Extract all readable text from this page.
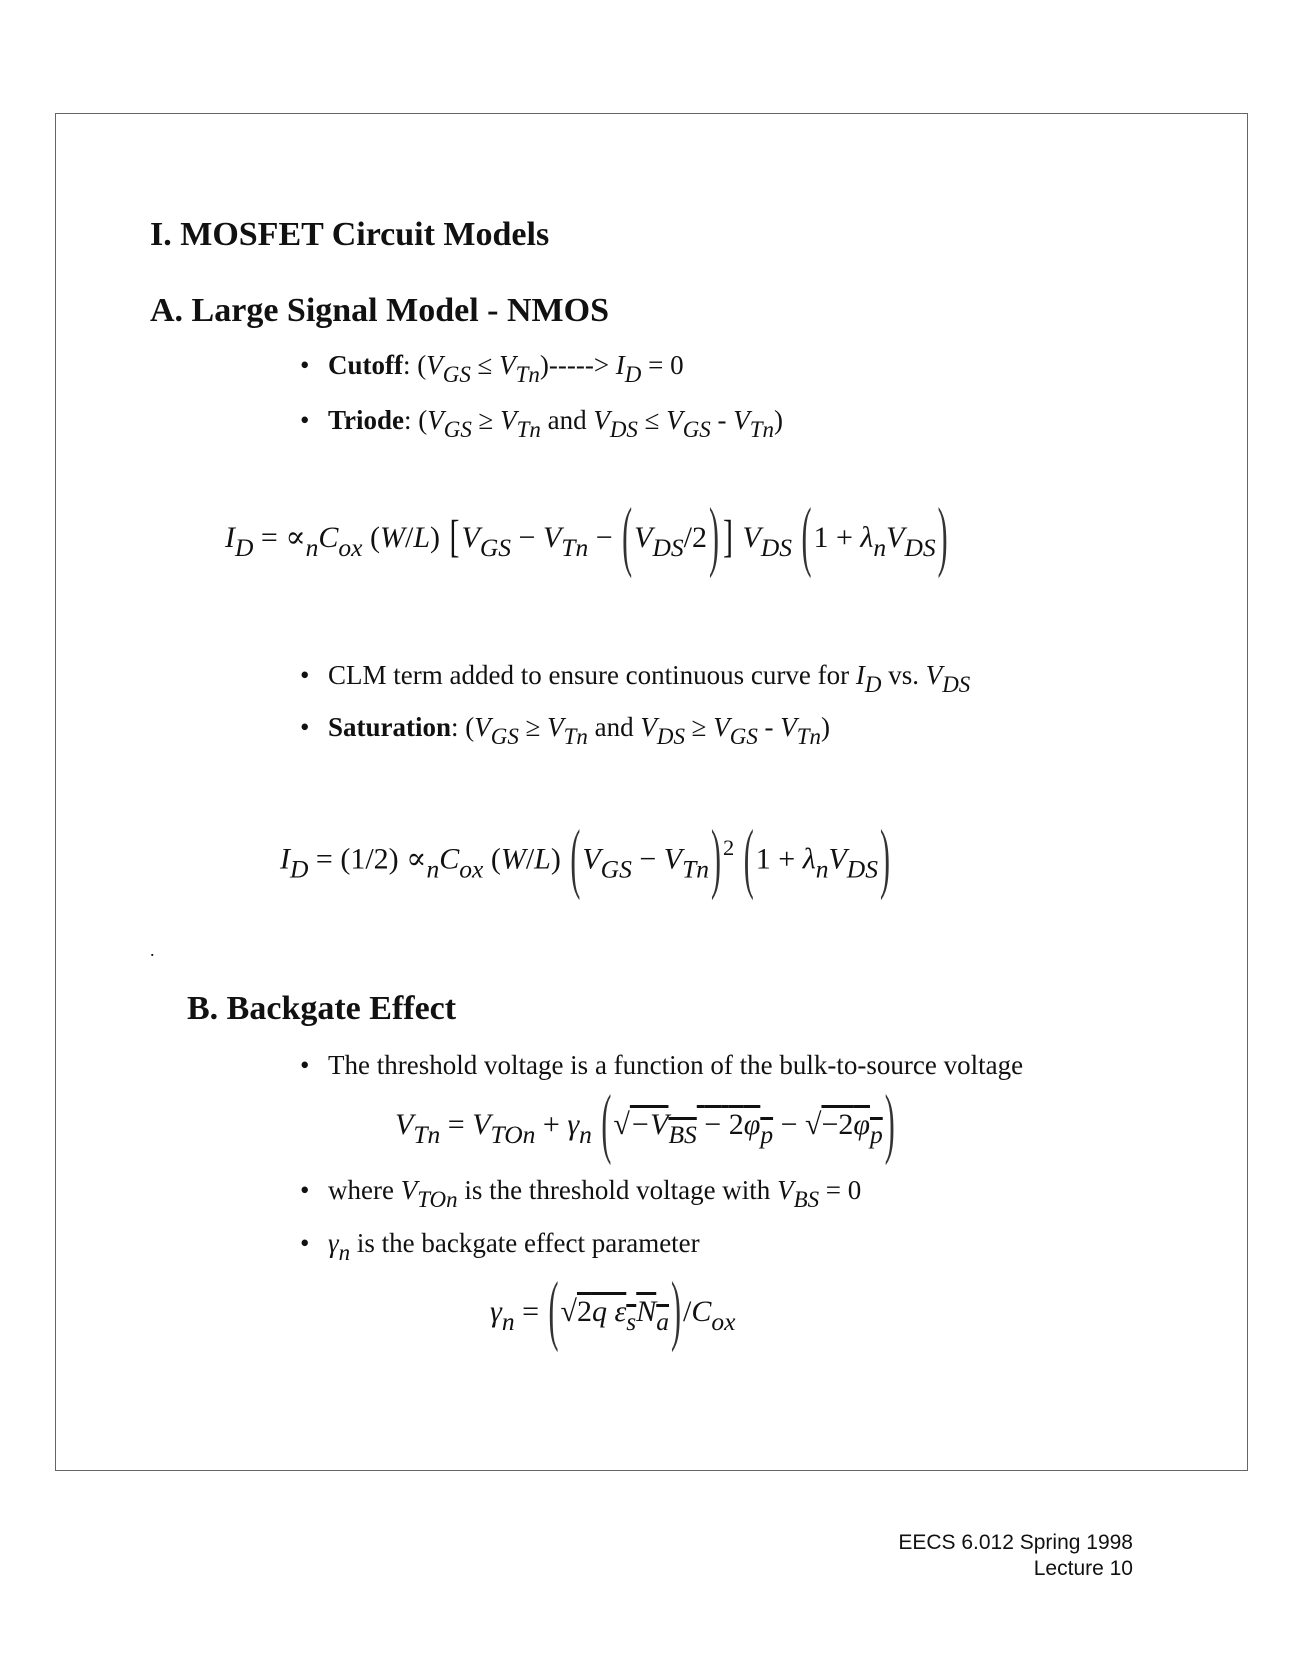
I. MOSFET Circuit Models
A. Large Signal Model - NMOS
• Cutoff: $(V_{GS} \le V_{Tn})-----> I_D = 0$
• Triode: ($V_{GS} \ge V_{Tn}$ and $V_{DS} \le V_{GS} - V_{Tn}$)
$I_D = \propto_nC_{ox}$ (W/L) [$V_{GS} - V_{Tn} - (V_{DS}/2)$ ] $V_{DS}$ $(1 + \lambda_nV_{DS})$
• CLM term added to ensure continuous curve for $I_D$ vs. $V_{DS}$
• Saturation: ($V_{GS} \ge V_{Tn}$ and $V_{DS} \ge V_{GS} - V_{Tn}$)
$I_D = (1/2) \propto_nC_{ox}$ (W/L) $(V_{GS} - V_{Tn})^2$ $(1 + \lambda_nV_{DS})$
.
B. Backgate Effect
• The threshold voltage is a function of the bulk-to-source voltage
$V_{Tn} = V_{TOn} + \gamma_n$ $(√-V_{BS} - 2\varphi_p - √-2\varphi_p)$
• where $V_{TOn}$ is the threshold voltage with $V_{BS} = 0$
• $\gamma_n$ is the backgate effect parameter
$\gamma_n = (√2q$ $\varepsilon_sN_a)/C_{ox}$
EECS 6.012 Spring 1998
Lecture 10
